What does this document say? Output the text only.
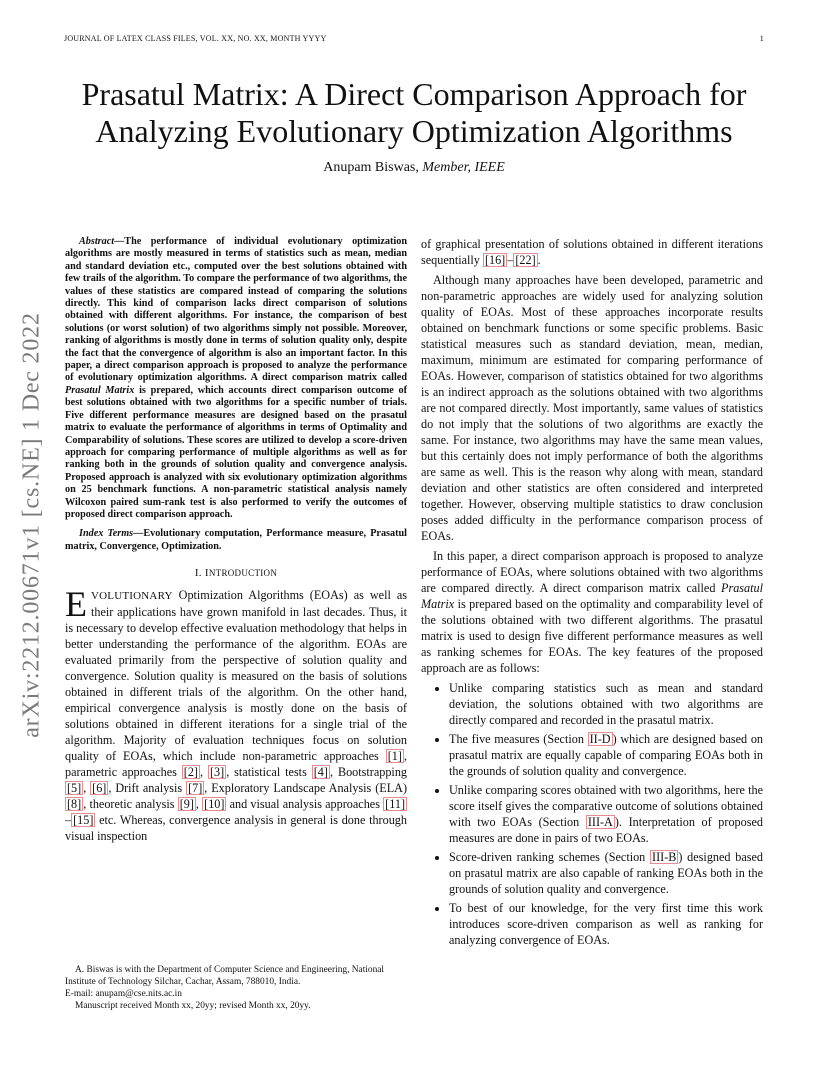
JOURNAL OF LATEX CLASS FILES, VOL. XX, NO. XX, MONTH YYYY	1
Prasatul Matrix: A Direct Comparison Approach for
Analyzing Evolutionary Optimization Algorithms
Anupam Biswas, Member, IEEE
arXiv:2212.00671v1 [cs.NE] 1 Dec 2022

Abstract—The performance of individual evolutionary optimization algorithms are mostly measured in terms of statistics such as mean, median and standard deviation etc., computed over the best solutions obtained with few trails of the algorithm. To compare the performance of two algorithms, the values of these statistics are compared instead of comparing the solutions directly. This kind of comparison lacks direct comparison of solutions obtained with different algorithms. For instance, the comparison of best solutions (or worst solution) of two algorithms simply not possible. Moreover, ranking of algorithms is mostly done in terms of solution quality only, despite the fact that the convergence of algorithm is also an important factor. In this paper, a direct comparison approach is proposed to analyze the performance of evolutionary optimization algorithms. A direct comparison matrix called Prasatul Matrix is prepared, which accounts direct comparison outcome of best solutions obtained with two algorithms for a specific number of trials. Five different performance measures are designed based on the prasatul matrix to evaluate the performance of algorithms in terms of Optimality and Comparability of solutions. These scores are utilized to develop a score-driven approach for comparing performance of multiple algorithms as well as for ranking both in the grounds of solution quality and convergence analysis. Proposed approach is analyzed with six evolutionary optimization algorithms on 25 benchmark functions. A non-parametric statistical analysis namely Wilcoxon paired sum-rank test is also performed to verify the outcomes of proposed direct comparison approach.

Index Terms—Evolutionary computation, Performance measure, Prasatul matrix, Convergence, Optimization.

I. INTRODUCTION

EVOLUTIONARY Optimization Algorithms (EOAs) as well as their applications have grown manifold in last decades. Thus, it is necessary to develop effective evaluation methodology that helps in better understanding the performance of the algorithm. EOAs are evaluated primarily from the perspective of solution quality and convergence. Solution quality is measured on the basis of solutions obtained in different trials of the algorithm. On the other hand, empirical convergence analysis is mostly done on the basis of solutions obtained in different iterations for a single trial of the algorithm. Majority of evaluation techniques focus on solution quality of EOAs, which include non-parametric approaches [1] , parametric approaches [2] , [3] , statistical tests [4] , Bootstrapping [5] , [6] , Drift analysis [7] , Exploratory Landscape Analysis (ELA) [8] , theoretic analysis [9] , [10] and visual analysis approaches [11]– [15] etc. Whereas, convergence analysis in general is done through visual inspection

A. Biswas is with the Department of Computer Science and Engineering, National Institute of Technology Silchar, Cachar, Assam, 788010, India.

E-mail: anupam@cse.nits.ac.in

Manuscript received Month xx, 20yy; revised Month xx, 20yy.

of graphical presentation of solutions obtained in different iterations sequentially [16] – [22] .

Although many approaches have been developed, parametric and non-parametric approaches are widely used for analyzing solution quality of EOAs. Most of these approaches incorporate results obtained on benchmark functions or some specific problems. Basic statistical measures such as standard deviation, mean, median, maximum, minimum are estimated for comparing performance of EOAs. However, comparison of statistics obtained for two algorithms is an indirect approach as the solutions obtained with two algorithms are not compared directly. Most importantly, same values of statistics do not imply that the solutions of two algorithms are exactly the same. For instance, two algorithms may have the same mean values, but this certainly does not imply performance of both the algorithms are same as well. This is the reason why along with mean, standard deviation and other statistics are often considered and interpreted together. However, observing multiple statistics to draw conclusion poses added difficulty in the performance comparison process of EOAs.

In this paper, a direct comparison approach is proposed to analyze performance of EOAs, where solutions obtained with two algorithms are compared directly. A direct comparison matrix called Prasatul Matrix is prepared based on the optimality and comparability level of the solutions obtained with two different algorithms. The prasatul matrix is used to design five different performance measures as well as ranking schemes for EOAs. The key features of the proposed approach are as follows:

• Unlike comparing statistics such as mean and standard deviation, the solutions obtained with two algorithms are directly compared and recorded in the prasatul matrix.
• The five measures (Section II-D ) which are designed based on prasatul matrix are equally capable of comparing EOAs both in the grounds of solution quality and convergence.
• Unlike comparing scores obtained with two algorithms, here the score itself gives the comparative outcome of solutions obtained with two EOAs (Section III-A ). Interpretation of proposed measures are done in pairs of two EOAs.
• Score-driven ranking schemes (Section III-B ) designed based on prasatul matrix are also capable of ranking EOAs both in the grounds of solution quality and convergence.
• To best of our knowledge, for the very first time this work introduces score-driven comparison as well as ranking for analyzing convergence of EOAs.
